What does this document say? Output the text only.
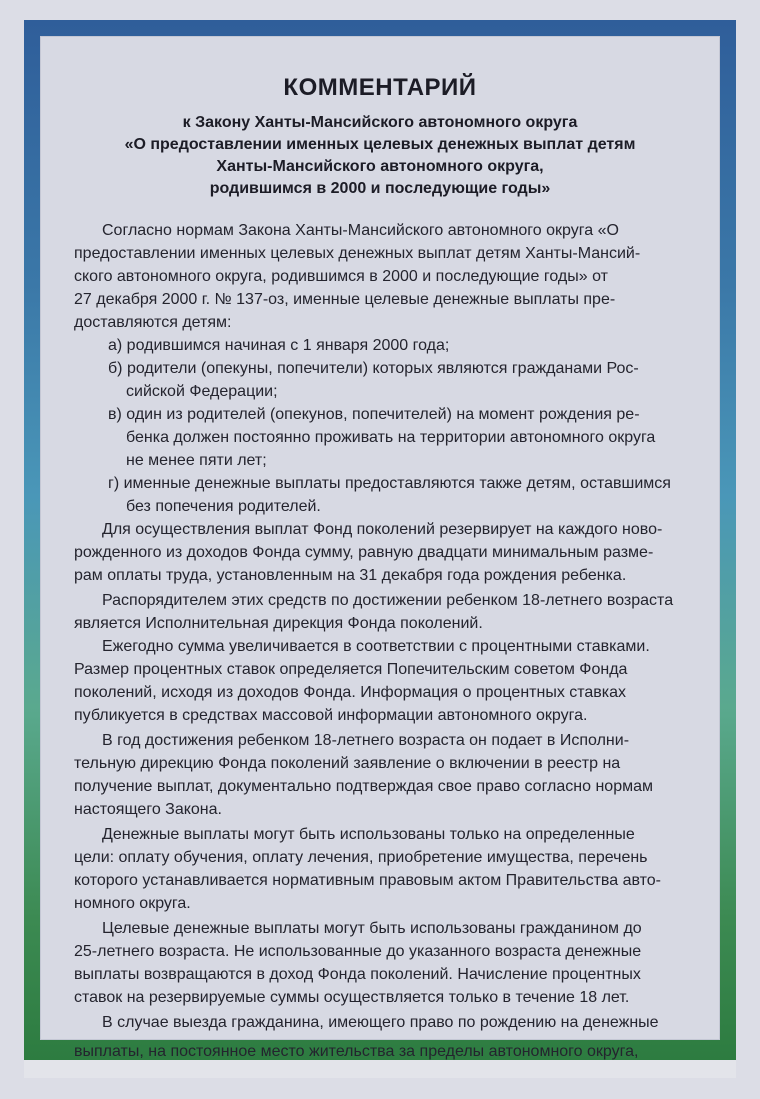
КОММЕНТАРИЙ
к Закону Ханты-Мансийского автономного округа
«О предоставлении именных целевых денежных выплат детям
Ханты-Мансийского автономного округа,
родившимся в 2000 и последующие годы»
Согласно нормам Закона Ханты-Мансийского автономного округа «О
предоставлении именных целевых денежных выплат детям Ханты-Мансий-
ского автономного округа, родившимся в 2000 и последующие годы» от
27 декабря 2000 г. № 137-оз, именные целевые денежные выплаты пре-
доставляются детям:
а) родившимся начиная с 1 января 2000 года;
б) родители (опекуны, попечители) которых являются гражданами Рос-
сийской Федерации;
в) один из родителей (опекунов, попечителей) на момент рождения ре-
бенка должен постоянно проживать на территории автономного округа
не менее пяти лет;
г) именные денежные выплаты предоставляются также детям, оставшимся
без попечения родителей.
Для осуществления выплат Фонд поколений резервирует на каждого ново-
рожденного из доходов Фонда сумму, равную двадцати минимальным разме-
рам оплаты труда, установленным на 31 декабря года рождения ребенка.
Распорядителем этих средств по достижении ребенком 18-летнего возраста
является Исполнительная дирекция Фонда поколений.
Ежегодно сумма увеличивается в соответствии с процентными ставками.
Размер процентных ставок определяется Попечительским советом Фонда
поколений, исходя из доходов Фонда. Информация о процентных ставках
публикуется в средствах массовой информации автономного округа.
В год достижения ребенком 18-летнего возраста он подает в Исполни-
тельную дирекцию Фонда поколений заявление о включении в реестр на
получение выплат, документально подтверждая свое право согласно нормам
настоящего Закона.
Денежные выплаты могут быть использованы только на определенные
цели: оплату обучения, оплату лечения, приобретение имущества, перечень
которого устанавливается нормативным правовым актом Правительства авто-
номного округа.
Целевые денежные выплаты могут быть использованы гражданином до
25-летнего возраста. Не использованные до указанного возраста денежные
выплаты возвращаются в доход Фонда поколений. Начисление процентных
ставок на резервируемые суммы осуществляется только в течение 18 лет.
В случае выезда гражданина, имеющего право по рождению на денежные
выплаты, на постоянное место жительства за пределы автономного округа,
